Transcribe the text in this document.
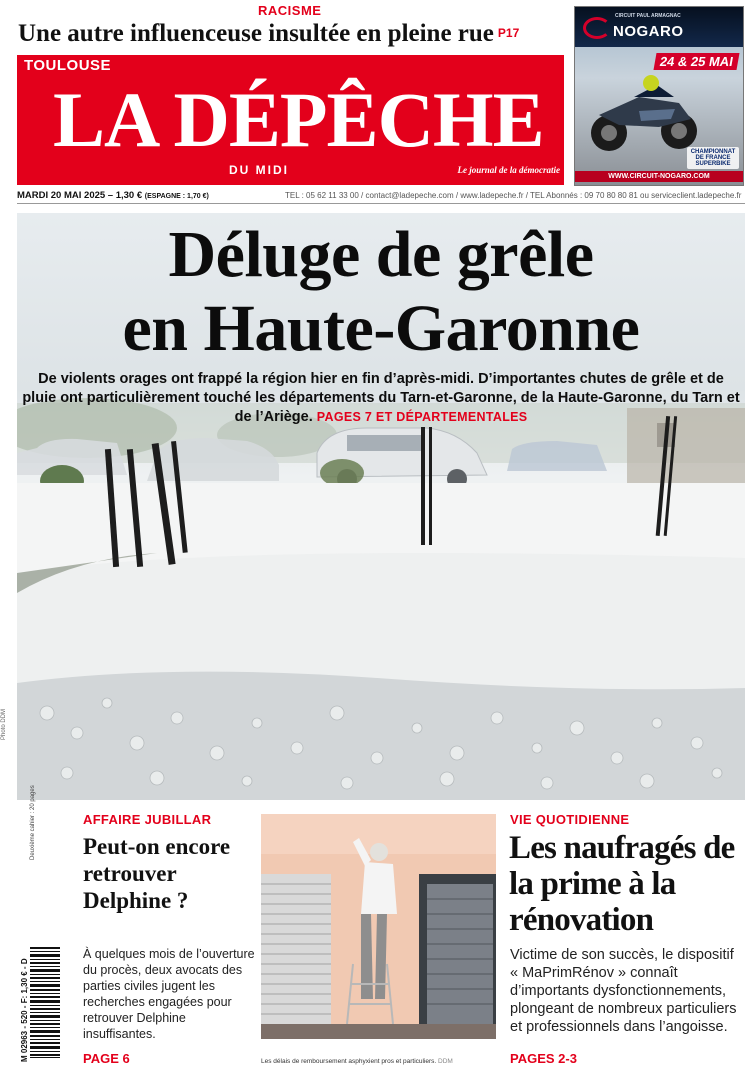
RACISME
Une autre influenceuse insultée en pleine rue P17
TOULOUSE
LA DÉPÊCHE
DU MIDI	Le journal de la démocratie
NOGARO
CIRCUIT PAUL ARMAGNAC
24 & 25 MAI
CHAMPIONNAT DE FRANCE SUPERBIKE
WWW.CIRCUIT-NOGARO.COM
MARDI 20 MAI 2025 – 1,30 € (ESPAGNE : 1,70 €)	TEL : 05 62 11 33 00 / contact@ladepeche.com / www.ladepeche.fr / TEL Abonnés : 09 70 80 80 81 ou serviceclient.ladepeche.fr
Photo DDM
Déluge de grêle
en Haute-Garonne
De violents orages ont frappé la région hier en fin d’après-midi. D’importantes chutes de grêle et de pluie ont particulièrement touché les départements du Tarn-et-Garonne, de la Haute-Garonne, du Tarn et de l’Ariège. PAGES 7 ET DÉPARTEMENTALES
Deuxième cahier : 20 pages
M 02963 - 520 - F: 1,30 € - D
AFFAIRE JUBILLAR
Peut-on encore retrouver Delphine ?

À quelques mois de l’ouverture du procès, deux avocats des parties civiles jugent les recherches engagées pour retrouver Delphine insuffisantes.

PAGE 6	Les délais de remboursement asphyxient pros et particuliers. DDM
VIE QUOTIDIENNE
Les naufragés de la prime à la rénovation

Victime de son succès, le dispositif « MaPrimRénov » connaît d’importants dysfonctionnements, plongeant de nombreux particuliers et professionnels dans l’angoisse.

PAGES 2-3
